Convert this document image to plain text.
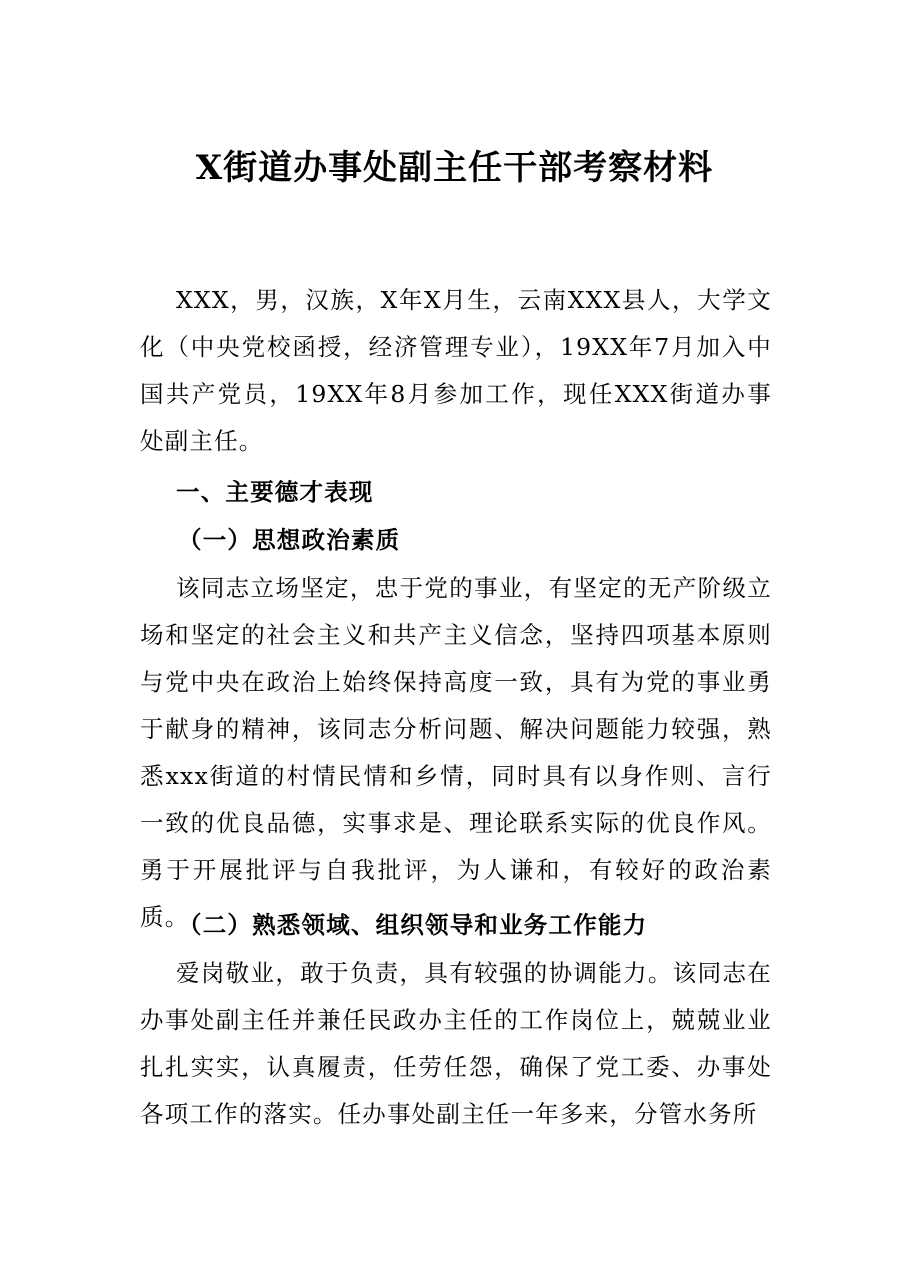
X街道办事处副主任干部考察材料
XXX，男，汉族，X年X月生，云南XXX县人，大学文化（中央党校函授，经济管理专业），19XX年7月加入中国共产党员，19XX年8月参加工作，现任XXX街道办事处副主任。
一、主要德才表现
（一）思想政治素质
该同志立场坚定，忠于党的事业，有坚定的无产阶级立场和坚定的社会主义和共产主义信念，坚持四项基本原则与党中央在政治上始终保持高度一致，具有为党的事业勇于献身的精神，该同志分析问题、解决问题能力较强，熟悉xxx街道的村情民情和乡情，同时具有以身作则、言行一致的优良品德，实事求是、理论联系实际的优良作风。勇于开展批评与自我批评，为人谦和，有较好的政治素质。
（二）熟悉领域、组织领导和业务工作能力
爱岗敬业，敢于负责，具有较强的协调能力。该同志在办事处副主任并兼任民政办主任的工作岗位上，兢兢业业扎扎实实，认真履责，任劳任怨，确保了党工委、办事处各项工作的落实。任办事处副主任一年多来，分管水务所
